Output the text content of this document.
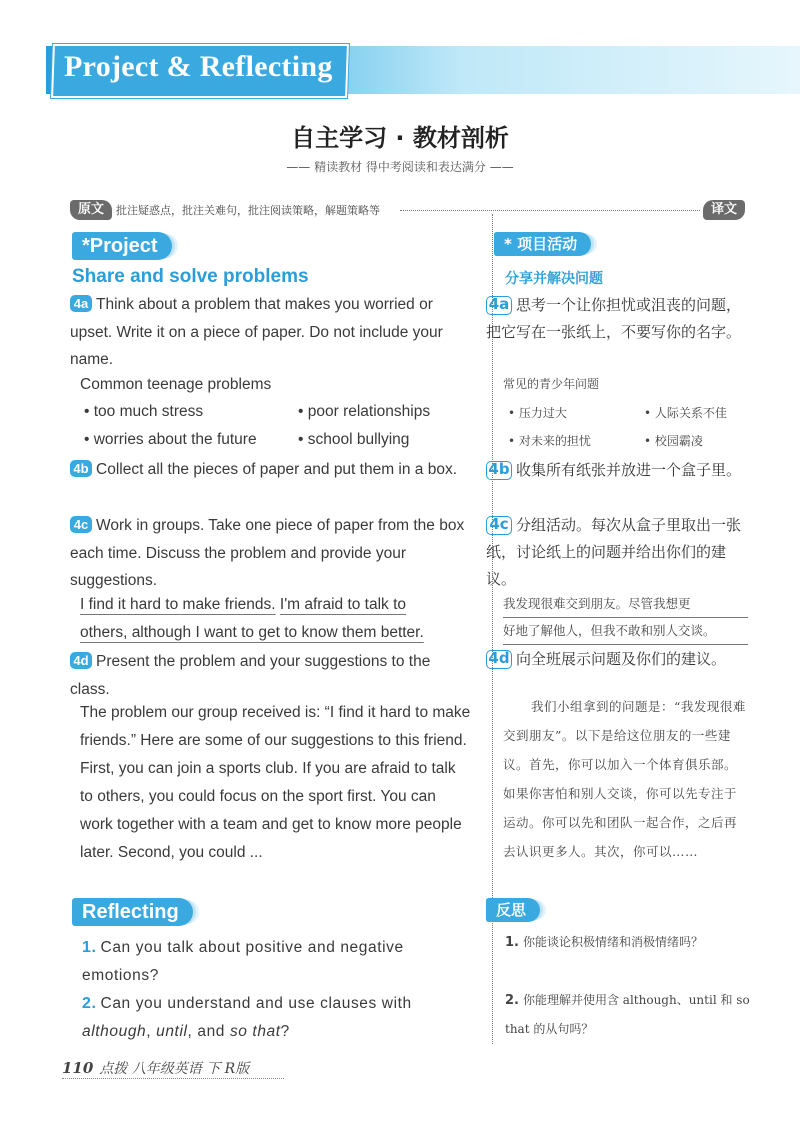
Project & Reflecting
自主学习 · 教材剖析
—— 精读教材 得中考阅读和表达满分 ——
原文	批注疑惑点，批注关难句，批注阅读策略，解题策略等	译文
*Project	* 项目活动
Share and solve problems	分享并解决问题
4a Think about a problem that makes you worried or upset. Write it on a piece of paper. Do not include your name.
4a 思考一个让你担忧或沮丧的问题，把它写在一张纸上，不要写你的名字。
Common teenage problems	常见的青少年问题
• too much stress	• poor relationships
• worries about the future	• school bullying
• 压力过大	• 人际关系不佳
• 对未来的担忧	• 校园霸凌
4b Collect all the pieces of paper and put them in a box.	4b 收集所有纸张并放进一个盒子里。
4c Work in groups. Take one piece of paper from the box each time. Discuss the problem and provide your suggestions.
4c 分组活动。每次从盒子里取出一张纸，讨论纸上的问题并给出你们的建议。
I find it hard to make friends. I'm afraid to talk to
others, although I want to get to know them better.
我发现很难交到朋友。尽管我想更
好地了解他人，但我不敢和别人交谈。
4d Present the problem and your suggestions to the class.
4d 向全班展示问题及你们的建议。
The problem our group received is: “I find it hard to make friends.” Here are some of our suggestions to this friend. First, you can join a sports club. If you are afraid to talk to others, you could focus on the sport first. You can work together with a team and get to know more people later. Second, you could ...
我们小组拿到的问题是：“我发现很难交到朋友”。以下是给这位朋友的一些建议。首先，你可以加入一个体育俱乐部。如果你害怕和别人交谈，你可以先专注于运动。你可以先和团队一起合作，之后再去认识更多人。其次，你可以……
Reflecting	反思
1. Can you talk about positive and negative emotions?
2. Can you understand and use clauses with although, until, and so that?
1. 你能谈论积极情绪和消极情绪吗？
2. 你能理解并使用含 although、until 和 so that 的从句吗？
110 点拨 八年级英语 下 R版
